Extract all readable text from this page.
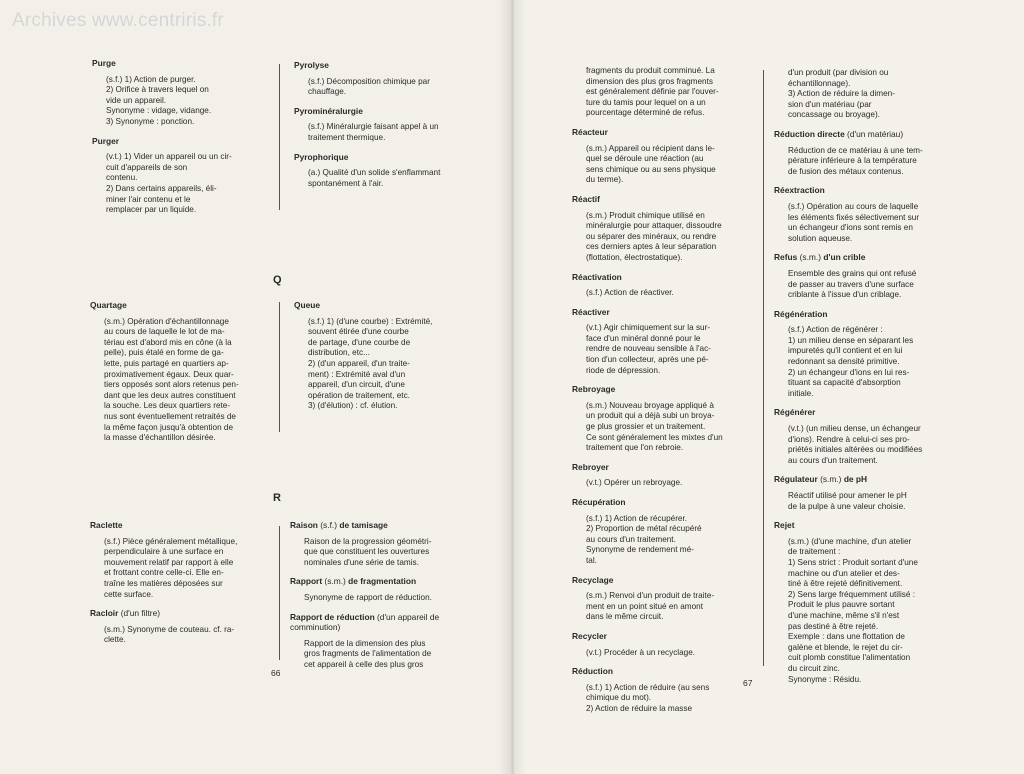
Archives www.centriris.fr
Purge
(s.f.) 1) Action de purger.
2) Orifice à travers lequel on
vide un appareil.
Synonyme : vidage, vidange.
3) Synonyme : ponction.
Purger
(v.t.) 1) Vider un appareil ou un cir-
cuit d'appareils de son
contenu.
2) Dans certains appareils, éli-
miner l'air contenu et le
remplacer par un liquide.
Pyrolyse
(s.f.) Décomposition chimique par
chauffage.
Pyrominéralurgie
(s.f.) Minéralurgie faisant appel à un
traitement thermique.
Pyrophorique
(a.) Qualité d'un solide s'enflammant
spontanément à l'air.
Q
Quartage
(s.m.) Opération d'échantillonnage
au cours de laquelle le lot de ma-
tériau est d'abord mis en cône (à la
pelle), puis étalé en forme de ga-
lette, puis partagé en quartiers ap-
proximativement égaux. Deux quar-
tiers opposés sont alors retenus pen-
dant que les deux autres constituent
la souche. Les deux quartiers rete-
nus sont éventuellement retraités de
la même façon jusqu'à obtention de
la masse d'échantillon désirée.
Queue
(s.f.) 1) (d'une courbe) : Extrémité,
souvent étirée d'une courbe
de partage, d'une courbe de
distribution, etc...
2) (d'un appareil, d'un traite-
ment) : Extrémité aval d'un
appareil, d'un circuit, d'une
opération de traitement, etc.
3) (d'élution) : cf. élution.
R
Raclette
(s.f.) Pièce généralement métallique,
perpendiculaire à une surface en
mouvement relatif par rapport à elle
et frottant contre celle-ci. Elle en-
traîne les matières déposées sur
cette surface.
Racloir (d'un filtre)
(s.m.) Synonyme de couteau. cf. ra-
clette.
Raison (s.f.) de tamisage
Raison de la progression géométri-
que que constituent les ouvertures
nominales d'une série de tamis.
Rapport (s.m.) de fragmentation
Synonyme de rapport de réduction.
Rapport de réduction (d'un appareil de
comminution)
Rapport de la dimension des plus
gros fragments de l'alimentation de
cet appareil à celle des plus gros
66
fragments du produit comminué. La
dimension des plus gros fragments
est généralement définie par l'ouver-
ture du tamis pour lequel on a un
pourcentage déterminé de refus.
Réacteur
(s.m.) Appareil ou récipient dans le-
quel se déroule une réaction (au
sens chimique ou au sens physique
du terme).
Réactif
(s.m.) Produit chimique utilisé en
minéralurgie pour attaquer, dissoudre
ou séparer des minéraux, ou rendre
ces derniers aptes à leur séparation
(flottation, électrostatique).
Réactivation
(s.f.) Action de réactiver.
Réactiver
(v.t.) Agir chimiquement sur la sur-
face d'un minéral donné pour le
rendre de nouveau sensible à l'ac-
tion d'un collecteur, après une pé-
riode de dépression.
Rebroyage
(s.m.) Nouveau broyage appliqué à
un produit qui a déjà subi un broya-
ge plus grossier et un traitement.
Ce sont généralement les mixtes d'un
traitement que l'on rebroie.
Rebroyer
(v.t.) Opérer un rebroyage.
Récupération
(s.f.) 1) Action de récupérer.
2) Proportion de métal récupéré
au cours d'un traitement.
Synonyme de rendement mé-
tal.
Recyclage
(s.m.) Renvoi d'un produit de traite-
ment en un point situé en amont
dans le même circuit.
Recycler
(v.t.) Procéder à un recyclage.
Réduction
(s.f.) 1) Action de réduire (au sens
chimique du mot).
2) Action de réduire la masse
d'un produit (par division ou
échantillonnage).
3) Action de réduire la dimen-
sion d'un matériau (par
concassage ou broyage).
Réduction directe (d'un matériau)
Réduction de ce matériau à une tem-
pérature inférieure à la température
de fusion des métaux contenus.
Réextraction
(s.f.) Opération au cours de laquelle
les éléments fixés sélectivement sur
un échangeur d'ions sont remis en
solution aqueuse.
Refus (s.m.) d'un crible
Ensemble des grains qui ont refusé
de passer au travers d'une surface
criblante à l'issue d'un criblage.
Régénération
(s.f.) Action de régénérer :
1) un milieu dense en séparant les
impuretés qu'il contient et en lui
redonnant sa densité primitive.
2) un échangeur d'ions en lui res-
tituant sa capacité d'absorption
initiale.
Régénérer
(v.t.) (un milieu dense, un échangeur
d'ions). Rendre à celui-ci ses pro-
priétés initiales altérées ou modifiées
au cours d'un traitement.
Régulateur (s.m.) de pH
Réactif utilisé pour amener le pH
de la pulpe à une valeur choisie.
Rejet
(s.m.) (d'une machine, d'un atelier
de traitement :
1) Sens strict : Produit sortant d'une
machine ou d'un atelier et des-
tiné à être rejeté définitivement.
2) Sens large fréquemment utilisé :
Produit le plus pauvre sortant
d'une machine, même s'il n'est
pas destiné à être rejeté.
Exemple : dans une flottation de
galène et blende, le rejet du cir-
cuit plomb constitue l'alimentation
du circuit zinc.
Synonyme : Résidu.
67
